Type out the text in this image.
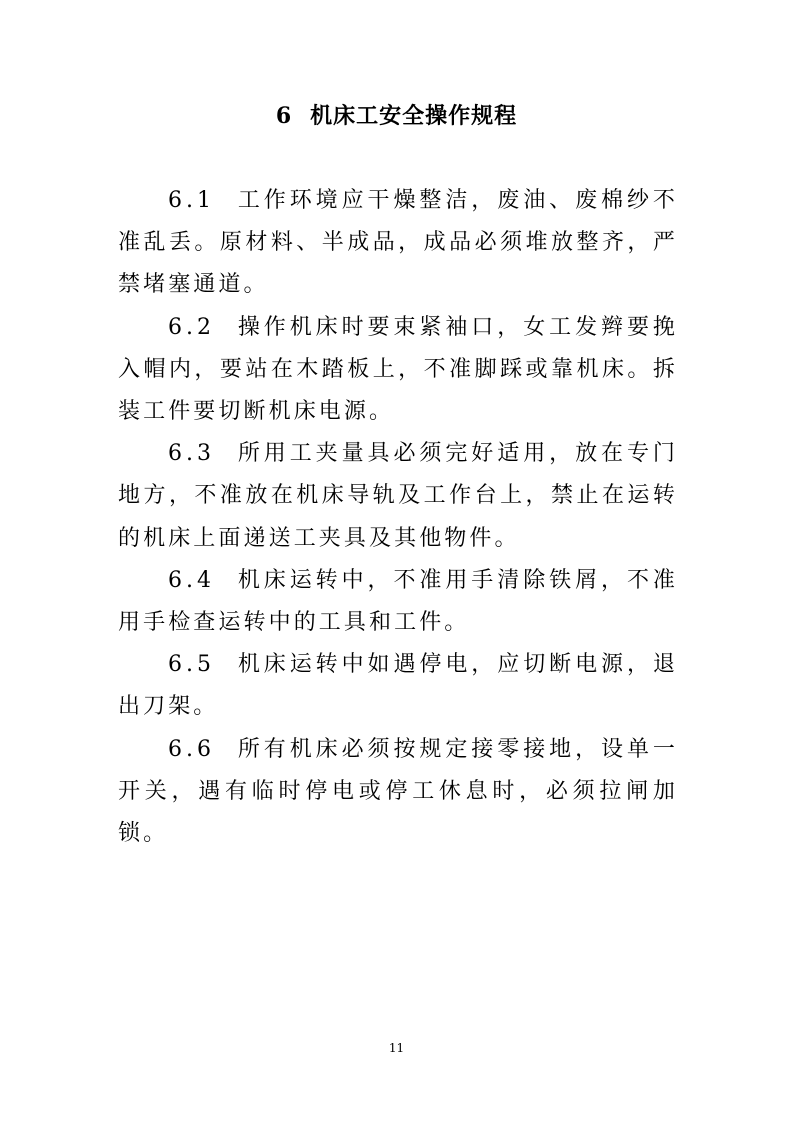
6 机床工安全操作规程

6.1 工作环境应干燥整洁，废油、废棉纱不准乱丢。原材料、半成品，成品必须堆放整齐，严禁堵塞通道。

6.2 操作机床时要束紧袖口，女工发辫要挽入帽内，要站在木踏板上，不准脚踩或靠机床。拆装工件要切断机床电源。

6.3 所用工夹量具必须完好适用，放在专门地方，不准放在机床导轨及工作台上，禁止在运转的机床上面递送工夹具及其他物件。

6.4 机床运转中，不准用手清除铁屑，不准用手检查运转中的工具和工件。

6.5 机床运转中如遇停电，应切断电源，退出刀架。

6.6 所有机床必须按规定接零接地，设单一开关，遇有临时停电或停工休息时，必须拉闸加锁。

11
